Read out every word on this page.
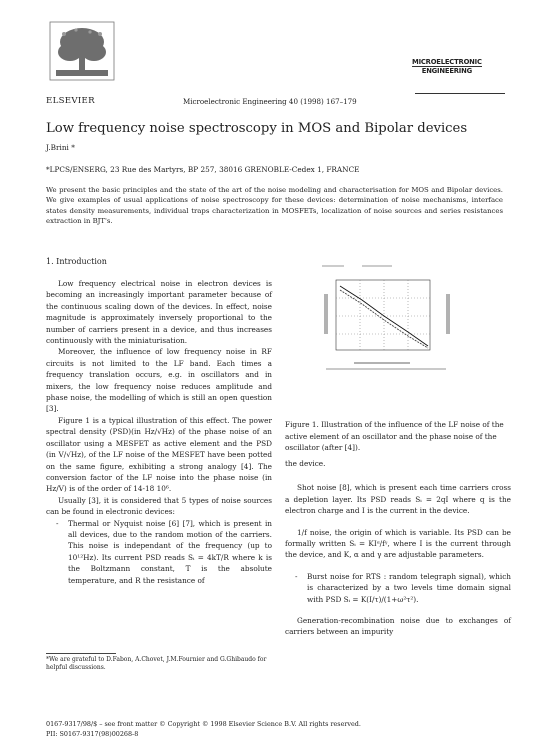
ELSEVIER	Microelectronic Engineering 40 (1998) 167–179
MICROELECTRONIC
ENGINEERING
Low frequency noise spectroscopy in MOS and Bipolar devices
J.Brini *
*LPCS/ENSERG, 23 Rue des Martyrs, BP 257, 38016 GRENOBLE-Cedex 1, FRANCE
We present the basic principles and the state of the art of the noise modeling and characterisation for MOS and Bipolar devices. We give examples of usual applications of noise spectroscopy for these devices: determination of noise mechanisms, interface states density measurements, individual traps characterization in MOSFETs, localization of noise sources and series resistances extraction in BJT's.
1. Introduction

Low frequency electrical noise in electron devices is becoming an increasingly important parameter because of the continuous scaling down of the devices. In effect, noise magnitude is approximately inversely proportional to the number of carriers present in a device, and thus increases continuously with the miniaturisation.

Moreover, the influence of low frequency noise in RF circuits is not limited to the LF band. Each times a frequency translation occurs, e.g. in oscillators and in mixers, the low frequency noise reduces amplitude and phase noise, the modelling of which is still an open question [3].

Figure 1 is a typical illustration of this effect. The power spectral density (PSD)(in Hz/√Hz) of the phase noise of an oscillator using a MESFET as active element and the PSD (in V/√Hz), of the LF noise of the MESFET have been potted on the same figure, exhibiting a strong analogy [4]. The conversion factor of the LF noise into the phase noise (in Hz/V) is of the order of 14-18 10⁶.

Usually [3], it is considered that 5 types of noise sources can be found in electronic devices:

- Thermal or Nyquist noise [6] [7], which is present in all devices, due to the random motion of the carriers. This noise is independant of the frequency (up to 10¹²Hz). Its current PSD reads Sᵢ = 4kT/R where k is the Boltzmann constant, T is the absolute temperature, and R the resistance of
*We are grateful to D.Fabon, A.Chovet, J.M.Fournier and G.Ghibaudo for helpful discussions.
0167-9317/98/$ – see front matter © Copyright © 1998 Elsevier Science B.V. All rights reserved.
PII: S0167-9317(98)00268-8
Figure 1. Illustration of the influence of the LF noise of the active element of an oscillator and the phase noise of the oscillator (after [4]).

the device.

Shot noise [8], which is present each time carriers cross a depletion layer. Its PSD reads Sᵢ = 2qI where q is the electron charge and I is the current in the device.

1/f noise, the origin of which is variable. Its PSD can be formally written Sᵢ = KIᵅ/fᵞ, where I is the current through the device, and K, α and γ are adjustable parameters.

- Burst noise for RTS : random telegraph signal), which is characterized by a two levels time domain signal with PSD Sᵢ = K(I/τ)/(1+ω²τ²).

Generation-recombination noise due to exchanges of carriers between an impurity
